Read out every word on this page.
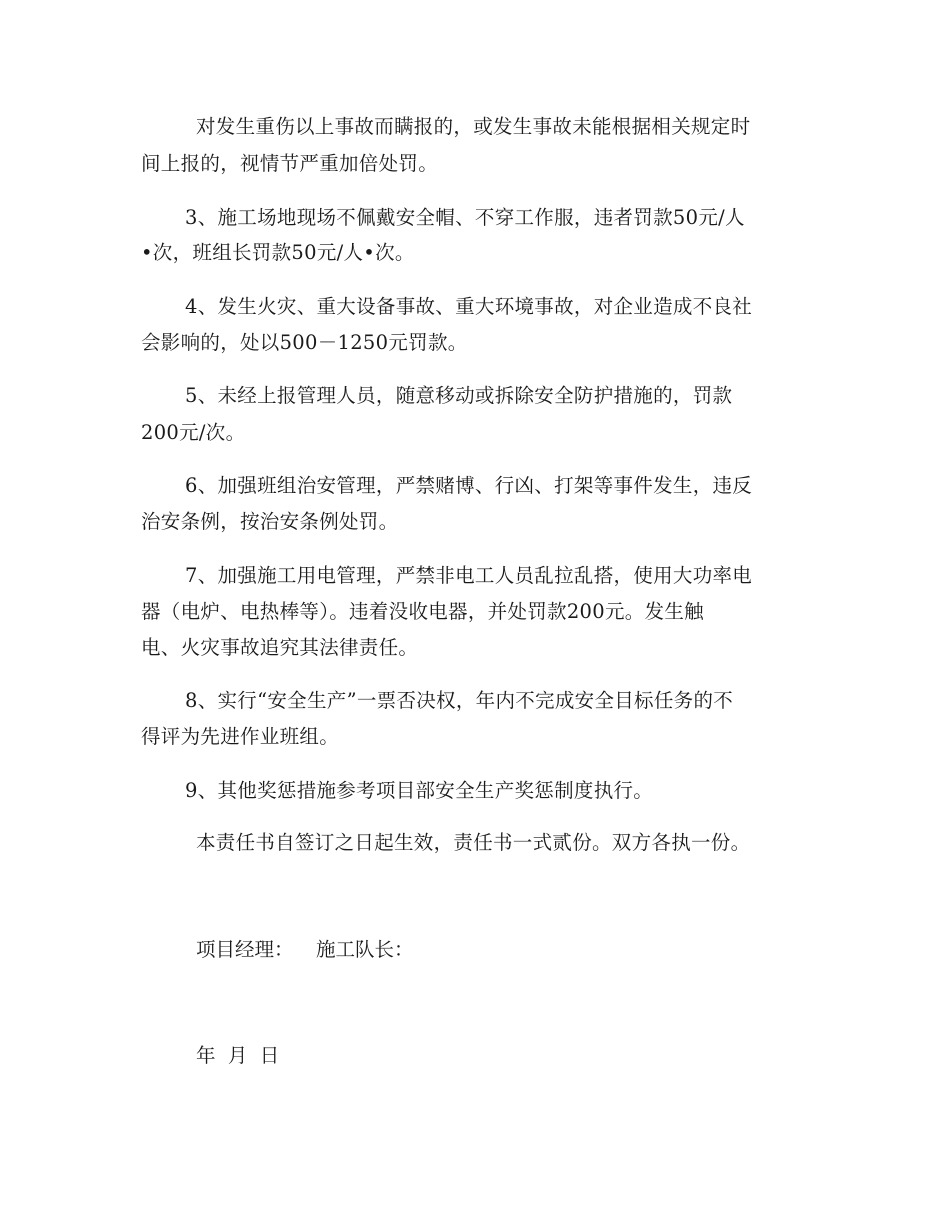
对发生重伤以上事故而瞒报的，或发生事故未能根据相关规定时
间上报的，视情节严重加倍处罚。
3、施工场地现场不佩戴安全帽、不穿工作服，违者罚款50元/人
•次，班组长罚款50元/人•次。
4、发生火灾、重大设备事故、重大环境事故，对企业造成不良社
会影响的，处以500－1250元罚款。
5、未经上报管理人员，随意移动或拆除安全防护措施的，罚款
200元/次。
6、加强班组治安管理，严禁赌博、行凶、打架等事件发生，违反
治安条例，按治安条例处罚。
7、加强施工用电管理，严禁非电工人员乱拉乱搭，使用大功率电
器（电炉、电热棒等）。违着没收电器，并处罚款200元。发生触
电、火灾事故追究其法律责任。
8、实行“安全生产”一票否决权，年内不完成安全目标任务的不
得评为先进作业班组。
9、其他奖惩措施参考项目部安全生产奖惩制度执行。
本责任书自签订之日起生效，责任书一式贰份。双方各执一份。
项目经理： 施工队长：
年  月  日
